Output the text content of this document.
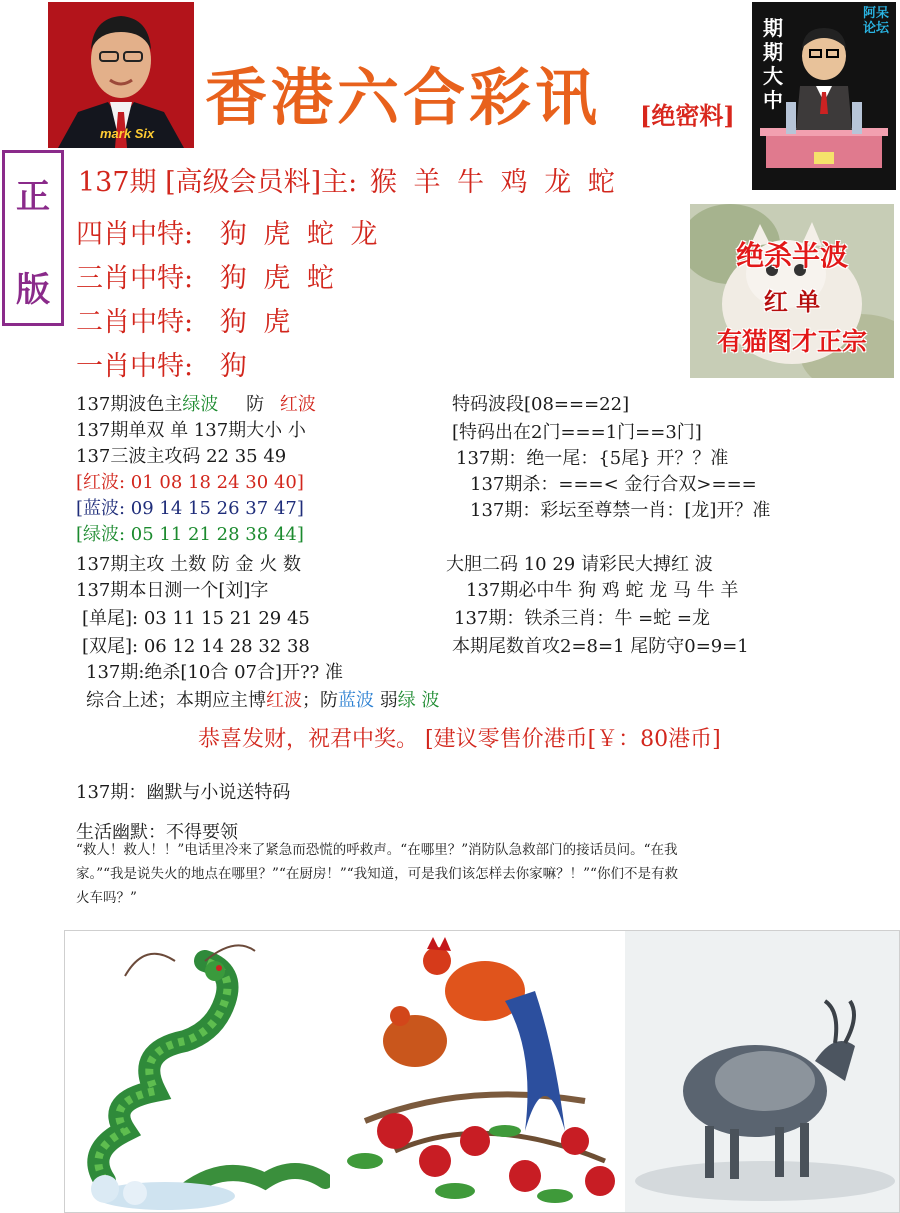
mark Six 香港六合彩讯 [绝密料]
期期大中
阿呆论坛
正
版
137期 [高级会员料]主: 猴 羊 牛 鸡 龙 蛇
四肖中特: 狗 虎 蛇 龙
三肖中特: 狗 虎 蛇
二肖中特: 狗 虎
一肖中特: 狗
绝杀半波
红 单
有猫图才正宗
137期波色主绿波 防 红波
137期单双 单 137期大小 小
137三波主攻码 22 35 49
[红波: 01 08 18 24 30 40]
[蓝波: 09 14 15 26 37 47]
[绿波: 05 11 21 28 38 44]
137期主攻 土数 防 金 火 数
137期本日测一个[刘]字
[单尾]: 03 11 15 21 29 45
[双尾]: 06 12 14 28 32 38
137期:绝杀[10合 07合]开?? 准
综合上述；本期应主博红波；防蓝波 弱绿 波
特码波段[08===22]
[特码出在2门===1门==3门]
137期：绝一尾：{5尾} 开？？准
137期杀：===< 金行合双>===
137期：彩坛至尊禁一肖：[龙]开？准
大胆二码 10 29 请彩民大搏红 波
137期必中牛 狗 鸡 蛇 龙 马 牛 羊
137期：铁杀三肖：牛 =蛇 =龙
本期尾数首攻2=8=1 尾防守0=9=1
恭喜发财，祝君中奖。 [建议零售价港币[￥：80港币]
137期：幽默与小说送特码
生活幽默：不得要领
“救人！救人！！”电话里冷来了紧急而恐慌的呼救声。“在哪里？”消防队急救部门的接话员问。“在我
家。”“我是说失火的地点在哪里？”“在厨房！”“我知道，可是我们该怎样去你家嘛？！”“你们不是有救
火车吗？”
